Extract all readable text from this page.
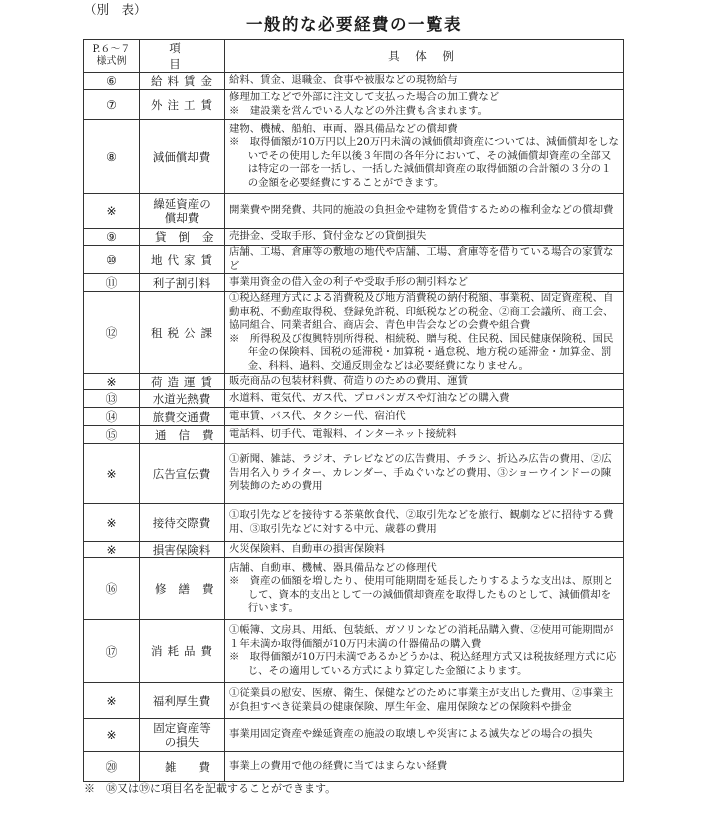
（別　表）
一般的な必要経費の一覧表
P.６～７
様式例	項　目	具 体 例
⑥	給料賃金	給料、賃金、退職金、食事や被服などの現物給与

⑦	外注工賃	修理加工などで外部に注文して支払った場合の加工費など
※　建設業を営んでいる人などの外注費も含まれます。

⑧	減価償却費	建物、機械、船舶、車両、器具備品などの償却費
※　取得価額が10万円以上20万円未満の減価償却資産については、減価償却をしないでその使用した年以後３年間の各年分において、その減価償却資産の全部又は特定の一部を一括し、一括した減価償却資産の取得価額の合計額の３分の１の金額を必要経費にすることができます。

※	繰延資産の
償却費	開業費や開発費、共同的施設の負担金や建物を賃借するための権利金などの償却費

⑨	貸倒金	売掛金、受取手形、貸付金などの貸倒損失

⑩	地代家賃	店舗、工場、倉庫等の敷地の地代や店舗、工場、倉庫等を借りている場合の家賃など

⑪	利子割引料	事業用資金の借入金の利子や受取手形の割引料など

⑫	租税公課	①税込経理方式による消費税及び地方消費税の納付税額、事業税、固定資産税、自動車税、不動産取得税、登録免許税、印紙税などの税金、②商工会議所、商工会、協同組合、同業者組合、商店会、青色申告会などの会費や組合費
※　所得税及び復興特別所得税、相続税、贈与税、住民税、国民健康保険税、国民年金の保険料、国税の延滞税・加算税・過怠税、地方税の延滞金・加算金、罰金、科料、過料、交通反則金などは必要経費になりません。

※	荷造運賃	販売商品の包装材料費、荷造りのための費用、運賃

⑬	水道光熱費	水道料、電気代、ガス代、プロパンガスや灯油などの購入費

⑭	旅費交通費	電車賃、バス代、タクシー代、宿泊代

⑮	通信費	電話料、切手代、電報料、インターネット接続料

※	広告宣伝費	①新聞、雑誌、ラジオ、テレビなどの広告費用、チラシ、折込み広告の費用、②広告用名入りライター、カレンダー、手ぬぐいなどの費用、③ショーウインドーの陳列装飾のための費用

※	接待交際費	①取引先などを接待する茶菓飲食代、②取引先などを旅行、観劇などに招待する費用、③取引先などに対する中元、歳暮の費用

※	損害保険料	火災保険料、自動車の損害保険料

⑯	修繕費	店舗、自動車、機械、器具備品などの修理代
※　資産の価額を増したり、使用可能期間を延長したりするような支出は、原則として、資本的支出として一の減価償却資産を取得したものとして、減価償却を行います。

⑰	消耗品費	①帳簿、文房具、用紙、包装紙、ガソリンなどの消耗品購入費、②使用可能期間が１年未満か取得価額が10万円未満の什器備品の購入費
※　取得価額が10万円未満であるかどうかは、税込経理方式又は税抜経理方式に応じ、その適用している方式により算定した金額によります。

※	福利厚生費	①従業員の慰安、医療、衛生、保健などのために事業主が支出した費用、②事業主が負担すべき従業員の健康保険、厚生年金、雇用保険などの保険料や掛金

※	固定資産等
の損失	事業用固定資産や繰延資産の施設の取壊しや災害による滅失などの場合の損失

⑳	雑費	事業上の費用で他の経費に当てはまらない経費
※　⑱又は⑲に項目名を記載することができます。
